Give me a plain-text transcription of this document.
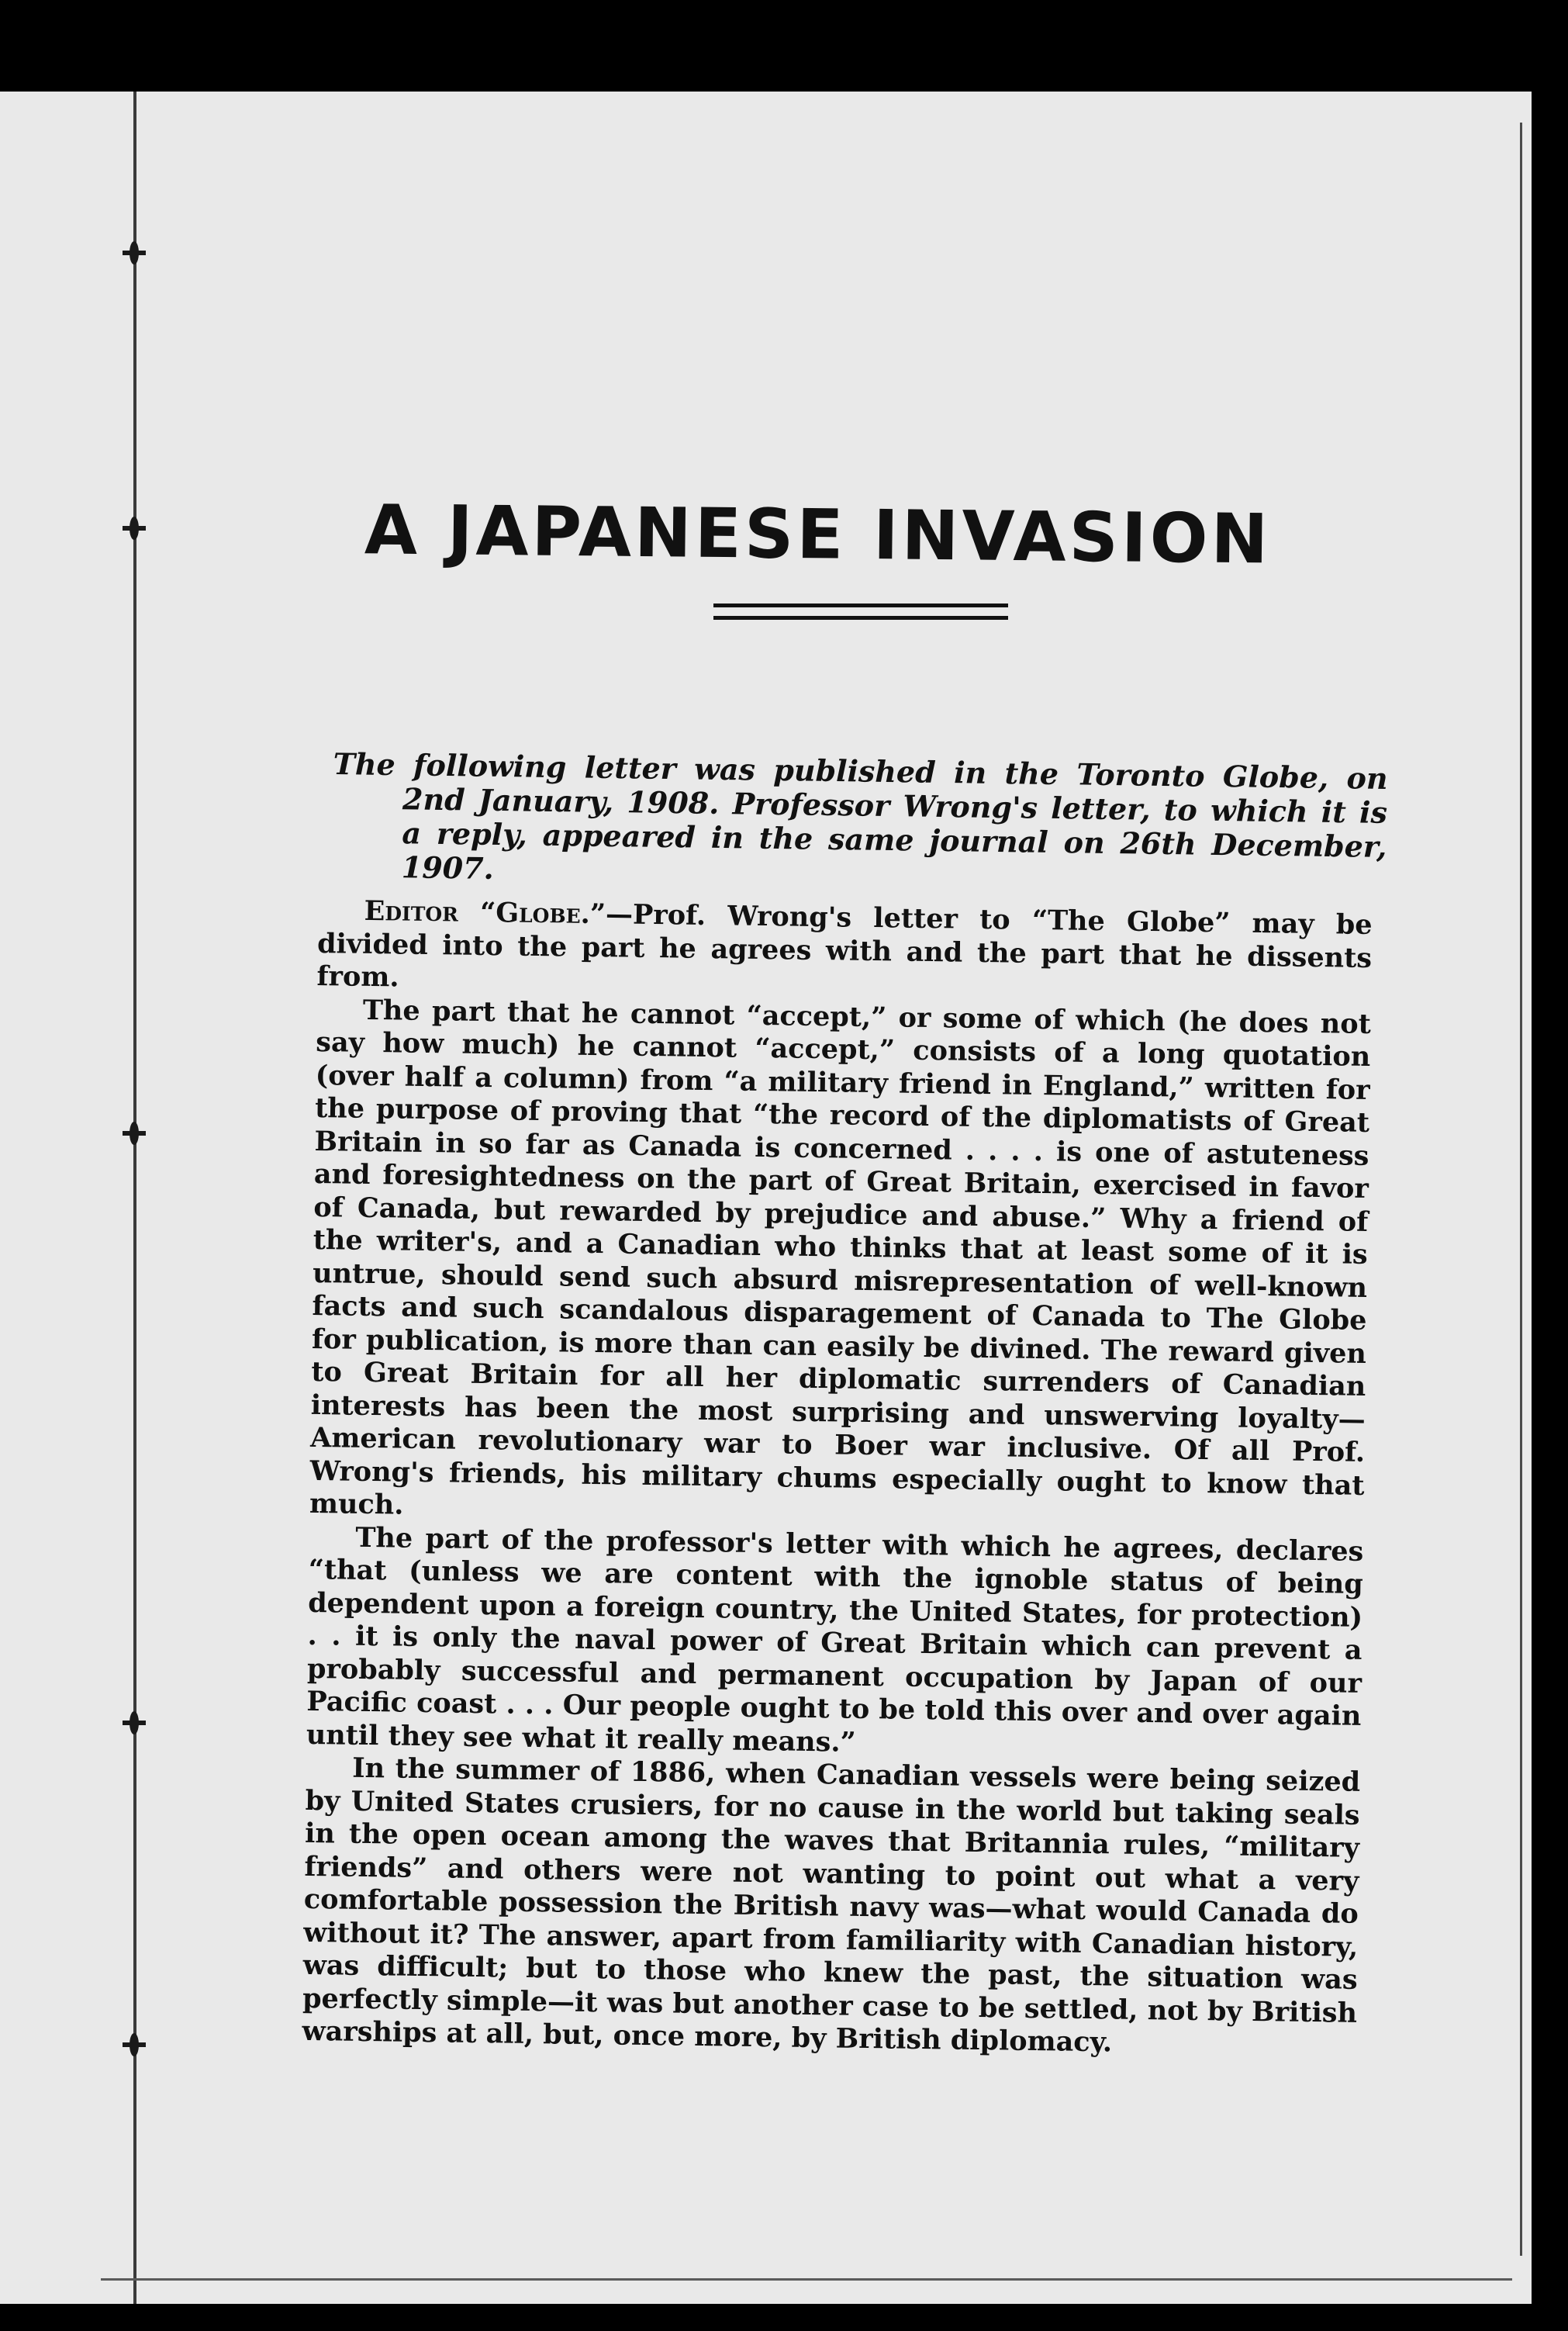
A JAPANESE INVASION

The following letter was published in the Toronto Globe, on 2nd January, 1908. Professor Wrong's letter, to which it is a reply, appeared in the same journal on 26th December, 1907.

Editor “Globe.”—Prof. Wrong's letter to “The Globe” may be divided into the part he agrees with and the part that he dissents from.

The part that he cannot “accept,” or some of which (he does not say how much) he cannot “accept,” consists of a long quotation (over half a column) from “a military friend in England,” written for the purpose of proving that “the record of the diplomatists of Great Britain in so far as Canada is concerned . . . . is one of astuteness and foresightedness on the part of Great Britain, exercised in favor of Canada, but rewarded by prejudice and abuse.” Why a friend of the writer's, and a Canadian who thinks that at least some of it is untrue, should send such absurd misrepresentation of well-known facts and such scandalous disparagement of Canada to The Globe for publication, is more than can easily be divined. The reward given to Great Britain for all her diplomatic surrenders of Canadian interests has been the most surprising and unswerving loyalty—American revolutionary war to Boer war inclusive. Of all Prof. Wrong's friends, his military chums especially ought to know that much.

The part of the professor's letter with which he agrees, declares “that (unless we are content with the ignoble status of being dependent upon a foreign country, the United States, for protection) . . it is only the naval power of Great Britain which can prevent a probably successful and permanent occupation by Japan of our Pacific coast . . . Our people ought to be told this over and over again until they see what it really means.”

In the summer of 1886, when Canadian vessels were being seized by United States crusiers, for no cause in the world but taking seals in the open ocean among the waves that Britannia rules, “military friends” and others were not wanting to point out what a very comfortable possession the British navy was—what would Canada do without it? The answer, apart from familiarity with Canadian history, was difficult; but to those who knew the past, the situation was perfectly simple—it was but another case to be settled, not by British warships at all, but, once more, by British diplomacy.
